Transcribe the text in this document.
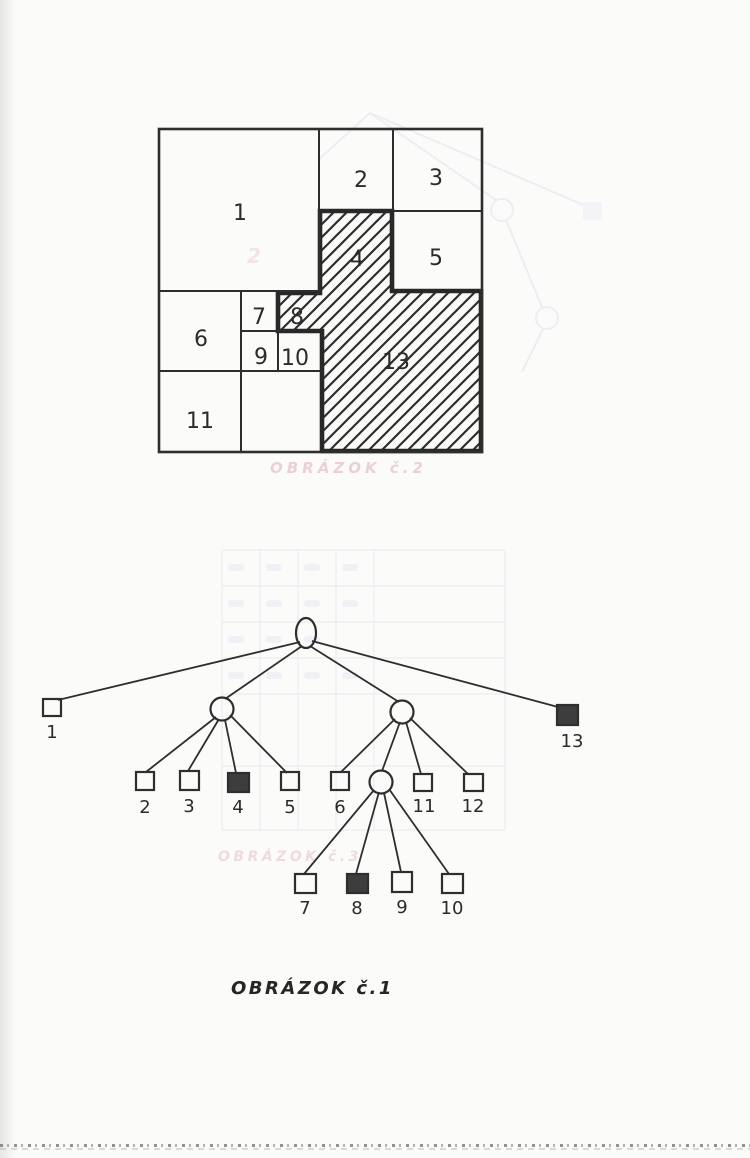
OBRÁZOK č.2
OBRÁZOK č.3
2
1
2	3
4	5
6
7 8
9 10
11
13
1
2 3 4 5 6
7 8 9 10
11 12
13
OBRÁZOK č.1
